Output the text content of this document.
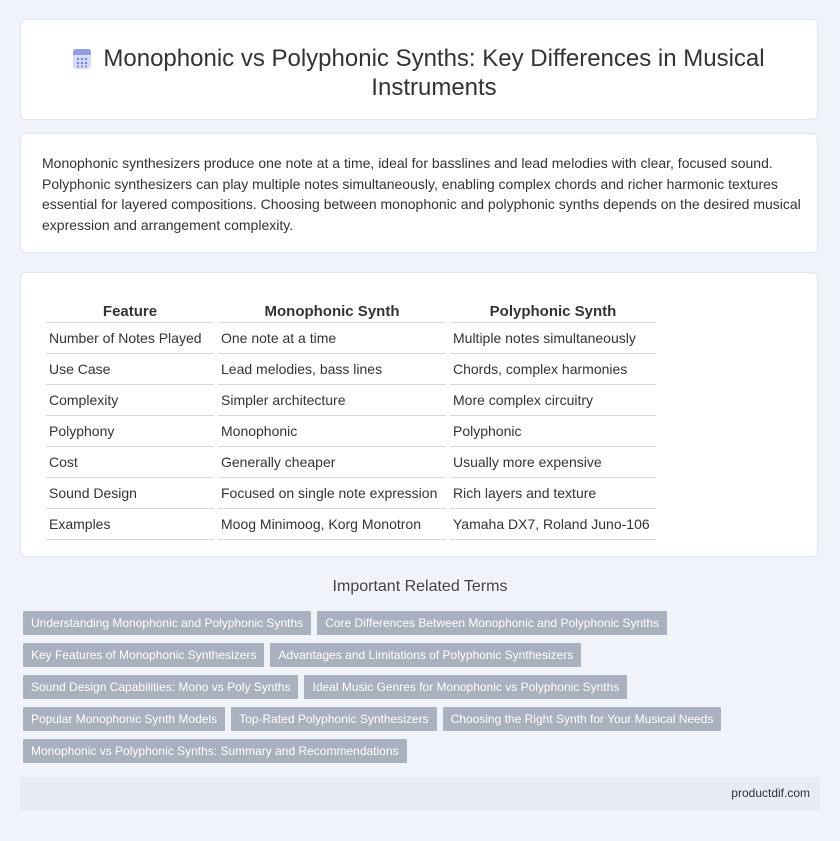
Monophonic vs Polyphonic Synths: Key Differences in Musical Instruments

Monophonic synthesizers produce one note at a time, ideal for basslines and lead melodies with clear, focused sound. Polyphonic synthesizers can play multiple notes simultaneously, enabling complex chords and richer harmonic textures essential for layered compositions. Choosing between monophonic and polyphonic synths depends on the desired musical expression and arrangement complexity.

Feature	Monophonic Synth	Polyphonic Synth
Number of Notes Played	One note at a time	Multiple notes simultaneously
Use Case	Lead melodies, bass lines	Chords, complex harmonies
Complexity	Simpler architecture	More complex circuitry
Polyphony	Monophonic	Polyphonic
Cost	Generally cheaper	Usually more expensive
Sound Design	Focused on single note expression	Rich layers and texture
Examples	Moog Minimoog, Korg Monotron	Yamaha DX7, Roland Juno-106
Important Related Terms
Understanding Monophonic and Polyphonic Synths Core Differences Between Monophonic and Polyphonic Synths
Key Features of Monophonic Synthesizers Advantages and Limitations of Polyphonic Synthesizers
Sound Design Capabilities: Mono vs Poly Synths Ideal Music Genres for Monophonic vs Polyphonic Synths
Popular Monophonic Synth Models Top-Rated Polyphonic Synthesizers Choosing the Right Synth for Your Musical Needs
Monophonic vs Polyphonic Synths: Summary and Recommendations
productdif.com
